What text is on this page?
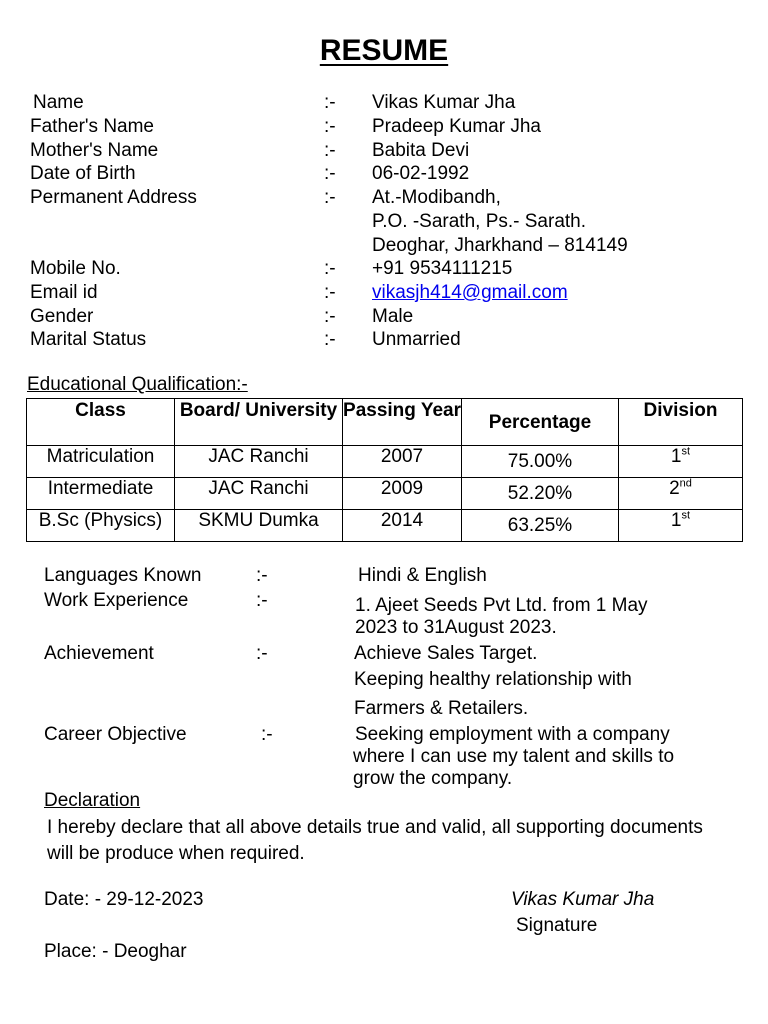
RESUME
Name	:- Vikas Kumar Jha
Father's Name	:- Pradeep Kumar Jha
Mother's Name	:- Babita Devi
Date of Birth	:- 06-02-1992
Permanent Address	:- At.-Modibandh,
P.O. -Sarath, Ps.- Sarath.
Deoghar, Jharkhand – 814149
Mobile No.	:- +91 9534111215
Email id	:- vikasjh414@gmail.com
Gender	:- Male
Marital Status	:- Unmarried
Educational Qualification:-
Class	Board/ University	Passing Year	Percentage	Division
Matriculation	JAC Ranchi	2007	75.00%	1st
Intermediate	JAC Ranchi	2009	52.20%	2nd
B.Sc (Physics)	SKMU Dumka	2014	63.25%	1st
Languages Known	:-	Hindi & English
Work Experience	:-	1. Ajeet Seeds Pvt Ltd. from 1 May
2023 to 31August 2023.
Achievement	:-	Achieve Sales Target.
Keeping healthy relationship with
Farmers & Retailers.
Career Objective	:-	Seeking employment with a company
where I can use my talent and skills to
grow the company.
Declaration
I hereby declare that all above details true and valid, all supporting documents will be produce when required.
Date: - 29-12-2023
Place: - Deoghar
Vikas Kumar Jha
Signature
